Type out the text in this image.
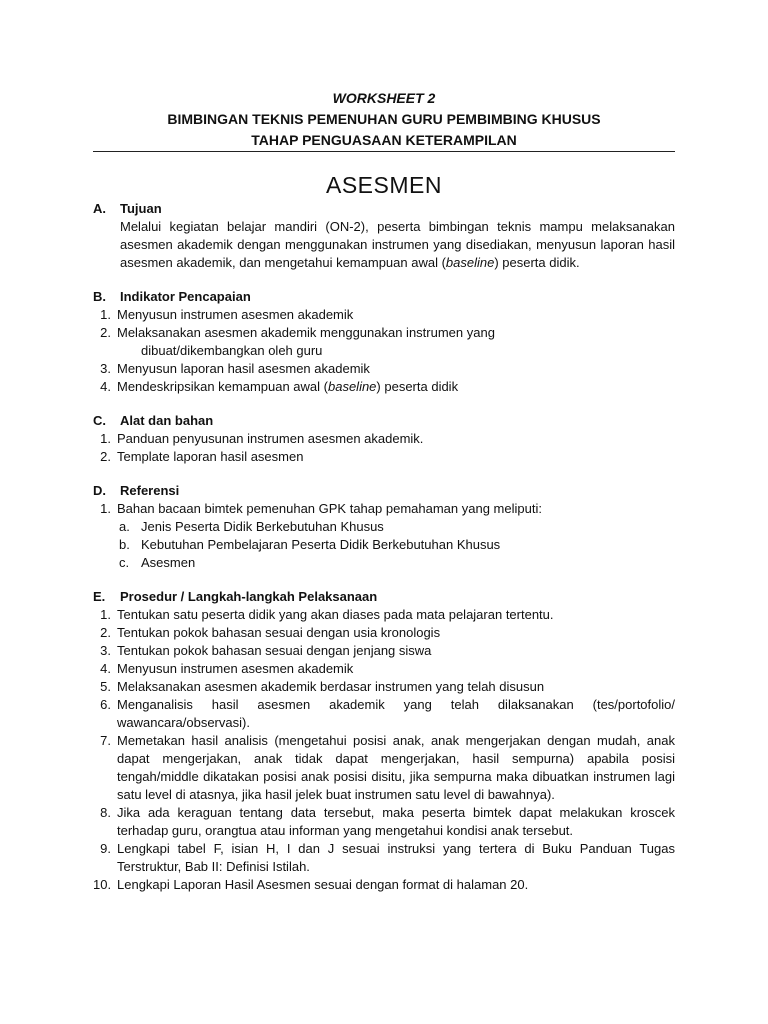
WORKSHEET 2
BIMBINGAN TEKNIS PEMENUHAN GURU PEMBIMBING KHUSUS
TAHAP PENGUASAAN KETERAMPILAN
ASESMEN
A.	Tujuan

Melalui kegiatan belajar mandiri (ON-2), peserta bimbingan teknis mampu melaksanakan asesmen akademik dengan menggunakan instrumen yang disediakan, menyusun laporan hasil asesmen akademik, dan mengetahui kemampuan awal (baseline) peserta didik.

B.	Indikator Pencapaian
1. Menyusun instrumen asesmen akademik
2. Melaksanakan asesmen akademik menggunakan instrumen yang
dibuat/dikembangkan oleh guru
3. Menyusun laporan hasil asesmen akademik
4. Mendeskripsikan kemampuan awal (baseline) peserta didik
C.	Alat dan bahan
1. Panduan penyusunan instrumen asesmen akademik.
2. Template laporan hasil asesmen
D.	Referensi
1. Bahan bacaan bimtek pemenuhan GPK tahap pemahaman yang meliputi:
a. Jenis Peserta Didik Berkebutuhan Khusus
b. Kebutuhan Pembelajaran Peserta Didik Berkebutuhan Khusus
c. Asesmen
E.	Prosedur / Langkah-langkah Pelaksanaan
1. Tentukan satu peserta didik yang akan diases pada mata pelajaran tertentu.
2. Tentukan pokok bahasan sesuai dengan usia kronologis
3. Tentukan pokok bahasan sesuai dengan jenjang siswa
4. Menyusun instrumen asesmen akademik
5. Melaksanakan asesmen akademik berdasar instrumen yang telah disusun
6. Menganalisis hasil asesmen akademik yang telah dilaksanakan (tes/portofolio/ wawancara/observasi).
7. Memetakan hasil analisis (mengetahui posisi anak, anak mengerjakan dengan mudah, anak dapat mengerjakan, anak tidak dapat mengerjakan, hasil sempurna) apabila posisi tengah/middle dikatakan posisi anak posisi disitu, jika sempurna maka dibuatkan instrumen lagi satu level di atasnya, jika hasil jelek buat instrumen satu level di bawahnya).
8. Jika ada keraguan tentang data tersebut, maka peserta bimtek dapat melakukan kroscek terhadap guru, orangtua atau informan yang mengetahui kondisi anak tersebut.
9. Lengkapi tabel F, isian H, I dan J sesuai instruksi yang tertera di Buku Panduan Tugas Terstruktur, Bab II: Definisi Istilah.
10. Lengkapi Laporan Hasil Asesmen sesuai dengan format di halaman 20.
